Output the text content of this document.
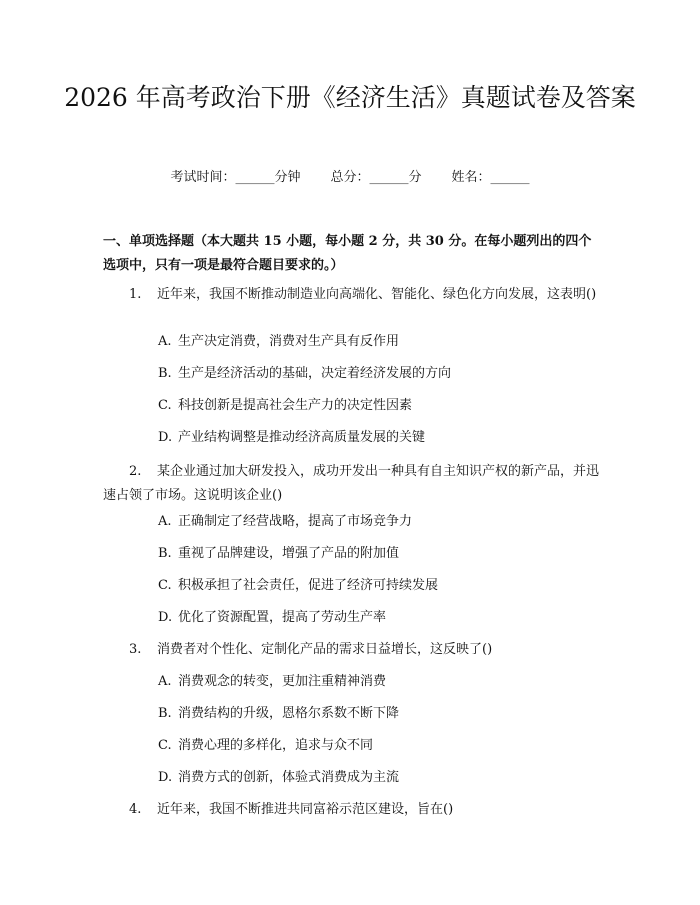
2026 年高考政治下册《经济生活》真题试卷及答案
考试时间：______分钟 总分：______分 姓名：______

一、单项选择题（本大题共 15 小题，每小题 2 分，共 30 分。在每小题列出的四个选项中，只有一项是最符合题目要求的。）

1. 近年来，我国不断推动制造业向高端化、智能化、绿色化方向发展，这表明()

A. 生产决定消费，消费对生产具有反作用

B. 生产是经济活动的基础，决定着经济发展的方向

C. 科技创新是提高社会生产力的决定性因素

D. 产业结构调整是推动经济高质量发展的关键

2. 某企业通过加大研发投入，成功开发出一种具有自主知识产权的新产品，并迅速占领了市场。这说明该企业()

A. 正确制定了经营战略，提高了市场竞争力

B. 重视了品牌建设，增强了产品的附加值

C. 积极承担了社会责任，促进了经济可持续发展

D. 优化了资源配置，提高了劳动生产率

3. 消费者对个性化、定制化产品的需求日益增长，这反映了()

A. 消费观念的转变，更加注重精神消费

B. 消费结构的升级，恩格尔系数不断下降

C. 消费心理的多样化，追求与众不同

D. 消费方式的创新，体验式消费成为主流

4. 近年来，我国不断推进共同富裕示范区建设，旨在()
